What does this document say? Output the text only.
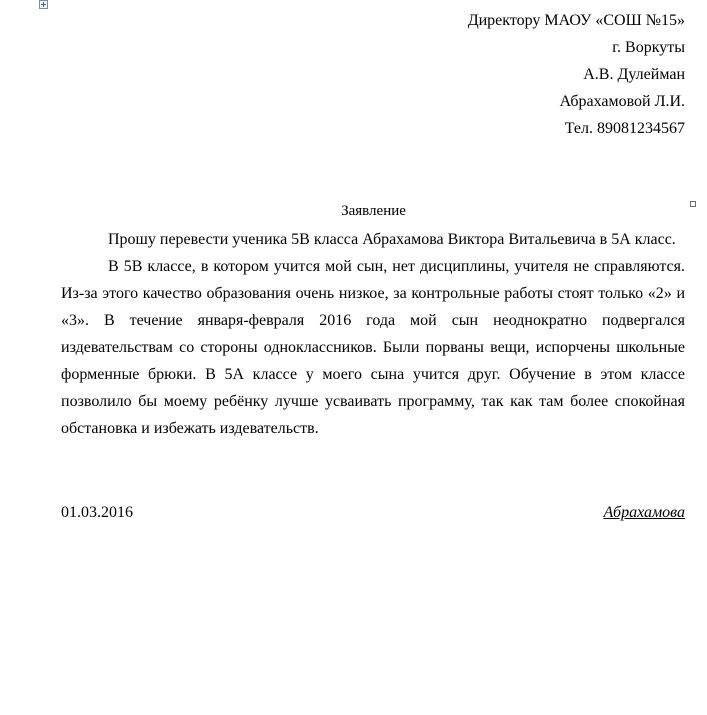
Директору МАОУ «СОШ №15»
г. Воркуты
А.В. Дулейман
Абрахамовой Л.И.
Тел. 89081234567
Заявление

Прошу перевести ученика 5В класса Абрахамова Виктора Витальевича в 5А класс.

В 5В классе, в котором учится мой сын, нет дисциплины, учителя не справляются. Из-за этого качество образования очень низкое, за контрольные работы стоят только «2» и «3». В течение января-февраля 2016 года мой сын неоднократно подвергался издевательствам со стороны одноклассников. Были порваны вещи, испорчены школьные форменные брюки. В 5А классе у моего сына учится друг. Обучение в этом классе позволило бы моему ребёнку лучше усваивать программу, так как там более спокойная обстановка и избежать издевательств.

01.03.2016	Абрахамова
